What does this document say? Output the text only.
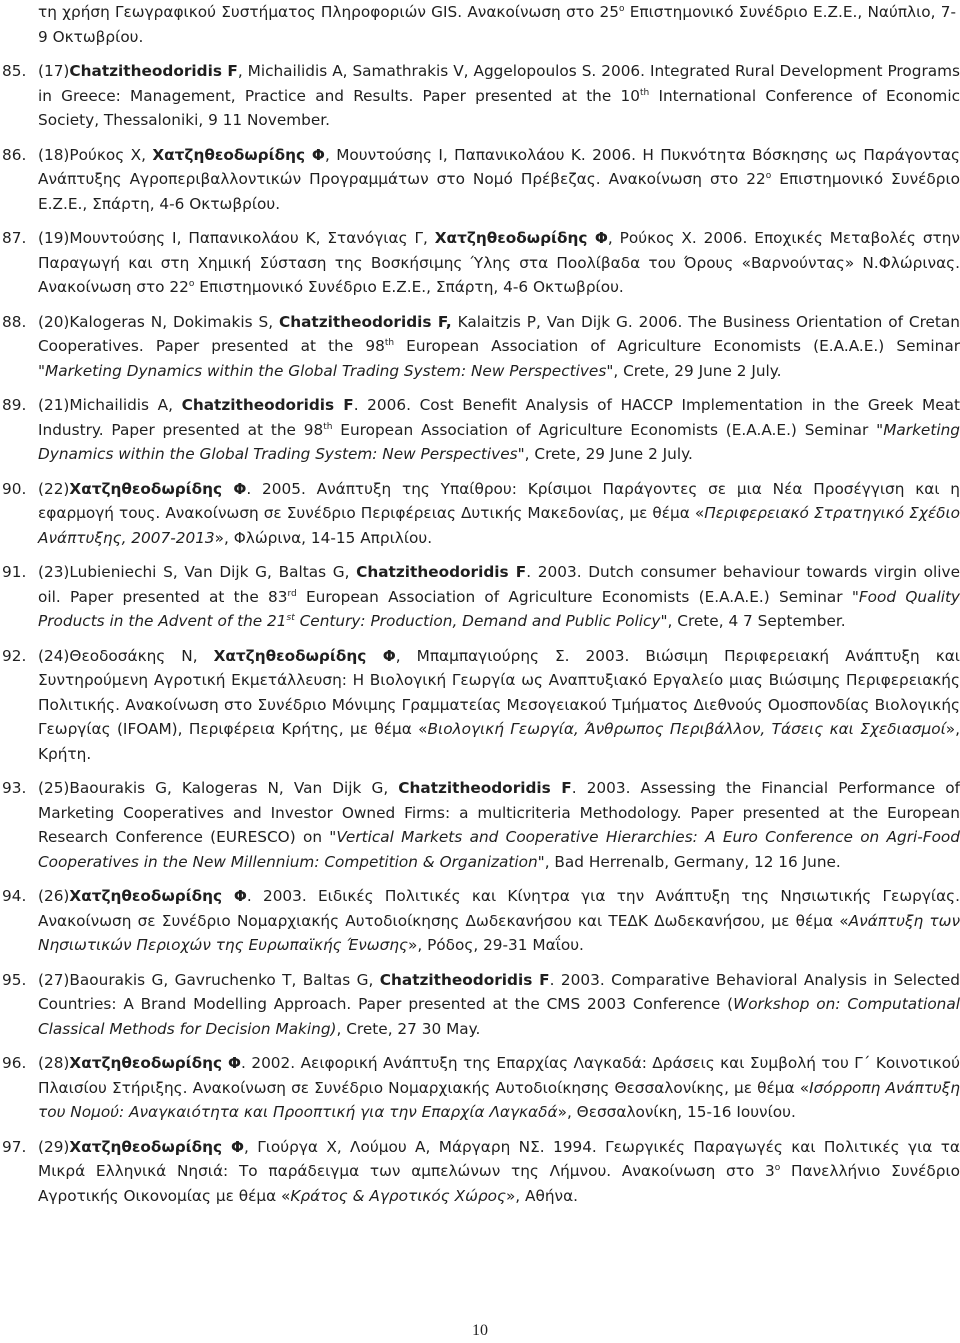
τη χρήση Γεωγραφικού Συστήματος Πληροφοριών GIS. Ανακοίνωση στο $25^o$ Επιστημονικό Συνέδριο Ε.Ζ.Ε., Ναύπλιο, 7-9 Οκτωβρίου.
85. (17)Chatzitheodoridis F, Michailidis A, Samathrakis V, Aggelopoulos S. 2006. Integrated Rural Development Programs in Greece: Management, Practice and Results. Paper presented at the 10th International Conference of Economic Society, Thessaloniki, 9 11 November.
86. (18)Ρούκος Χ, Χατζηθεοδωρίδης Φ, Μουντούσης Ι, Παπανικολάου Κ. 2006. Η Πυκνότητα Βόσκησης ως Παράγοντας Ανάπτυξης Αγροπεριβαλλοντικών Προγραμμάτων στο Νομό Πρέβεζας. Ανακοίνωση στο $22^o$ Επιστημονικό Συνέδριο Ε.Ζ.Ε., Σπάρτη, 4-6 Οκτωβρίου.
87. (19)Μουντούσης Ι, Παπανικολάου Κ, Στανόγιας Γ, Χατζηθεοδωρίδης Φ, Ρούκος Χ. 2006. Εποχικές Μεταβολές στην Παραγωγή και στη Χημική Σύσταση της Βοσκήσιμης Ύλης στα Ποολίβαδα του Όρους «Βαρνούντας» Ν.Φλώρινας. Ανακοίνωση στο $22^o$ Επιστημονικό Συνέδριο Ε.Ζ.Ε., Σπάρτη, 4-6 Οκτωβρίου.
88. (20)Kalogeras N, Dokimakis S, Chatzitheodoridis F, Kalaitzis P, Van Dijk G. 2006. The Business Orientation of Cretan Cooperatives. Paper presented at the 98th European Association of Agriculture Economists (E.A.A.E.) Seminar "Marketing Dynamics within the Global Trading System: New Perspectives", Crete, 29 June 2 July.
89. (21)Michailidis A, Chatzitheodoridis F. 2006. Cost Benefit Analysis of HACCP Implementation in the Greek Meat Industry. Paper presented at the 98th European Association of Agriculture Economists (E.A.A.E.) Seminar "Marketing Dynamics within the Global Trading System: New Perspectives", Crete, 29 June 2 July.
90. (22)Χατζηθεοδωρίδης Φ. 2005. Ανάπτυξη της Υπαίθρου: Κρίσιμοι Παράγοντες σε μια Νέα Προσέγγιση και η εφαρμογή τους. Ανακοίνωση σε Συνέδριο Περιφέρειας Δυτικής Μακεδονίας, με θέμα «Περιφερειακό Στρατηγικό Σχέδιο Ανάπτυξης, 2007-2013», Φλώρινα, 14-15 Απριλίου.
91. (23)Lubieniechi S, Van Dijk G, Baltas G, Chatzitheodoridis F. 2003. Dutch consumer behaviour towards virgin olive oil. Paper presented at the 83rd European Association of Agriculture Economists (E.A.A.E.) Seminar "Food Quality Products in the Advent of the 21st Century: Production, Demand and Public Policy", Crete, 4 7 September.
92. (24)Θεοδοσάκης Ν, Χατζηθεοδωρίδης Φ, Μπαμπαγιούρης Σ. 2003. Βιώσιμη Περιφερειακή Ανάπτυξη και Συντηρούμενη Αγροτική Εκμετάλλευση: Η Βιολογική Γεωργία ως Αναπτυξιακό Εργαλείο μιας Βιώσιμης Περιφερειακής Πολιτικής. Ανακοίνωση στο Συνέδριο Μόνιμης Γραμματείας Μεσογειακού Τμήματος Διεθνούς Ομοσπονδίας Βιολογικής Γεωργίας (IFOAM), Περιφέρεια Κρήτης, με θέμα «Βιολογική Γεωργία, Άνθρωπος Περιβάλλον, Τάσεις και Σχεδιασμοί», Κρήτη.
93. (25)Baourakis G, Kalogeras N, Van Dijk G, Chatzitheodoridis F. 2003. Assessing the Financial Performance of Marketing Cooperatives and Investor Owned Firms: a multicriteria Methodology. Paper presented at the European Research Conference (EURESCO) on "Vertical Markets and Cooperative Hierarchies: A Euro Conference on Agri-Food Cooperatives in the New Millennium: Competition & Organization", Bad Herrenalb, Germany, 12 16 June.
94. (26)Χατζηθεοδωρίδης Φ. 2003. Ειδικές Πολιτικές και Κίνητρα για την Ανάπτυξη της Νησιωτικής Γεωργίας. Ανακοίνωση σε Συνέδριο Νομαρχιακής Αυτοδιοίκησης Δωδεκανήσου και ΤΕΔΚ Δωδεκανήσου, με θέμα «Ανάπτυξη των Νησιωτικών Περιοχών της Ευρωπαϊκής Ένωσης», Ρόδος, 29-31 Μαΐου.
95. (27)Baourakis G, Gavruchenko T, Baltas G, Chatzitheodoridis F. 2003. Comparative Behavioral Analysis in Selected Countries: A Brand Modelling Approach. Paper presented at the CMS 2003 Conference (Workshop on: Computational Classical Methods for Decision Making), Crete, 27 30 May.
96. (28)Χατζηθεοδωρίδης Φ. 2002. Αειφορική Ανάπτυξη της Επαρχίας Λαγκαδά: Δράσεις και Συμβολή του Γ΄ Κοινοτικού Πλαισίου Στήριξης. Ανακοίνωση σε Συνέδριο Νομαρχιακής Αυτοδιοίκησης Θεσσαλονίκης, με θέμα «Ισόρροπη Ανάπτυξη του Νομού: Αναγκαιότητα και Προοπτική για την Επαρχία Λαγκαδά», Θεσσαλονίκη, 15-16 Ιουνίου.
97. (29)Χατζηθεοδωρίδης Φ, Γιούργα Χ, Λούμου Α, Μάργαρη ΝΣ. 1994. Γεωργικές Παραγωγές και Πολιτικές για τα Μικρά Ελληνικά Νησιά: Το παράδειγμα των αμπελώνων της Λήμνου. Ανακοίνωση στο $3^o$ Πανελλήνιο Συνέδριο Αγροτικής Οικονομίας με θέμα «Κράτος & Αγροτικός Χώρος», Αθήνα.
10
